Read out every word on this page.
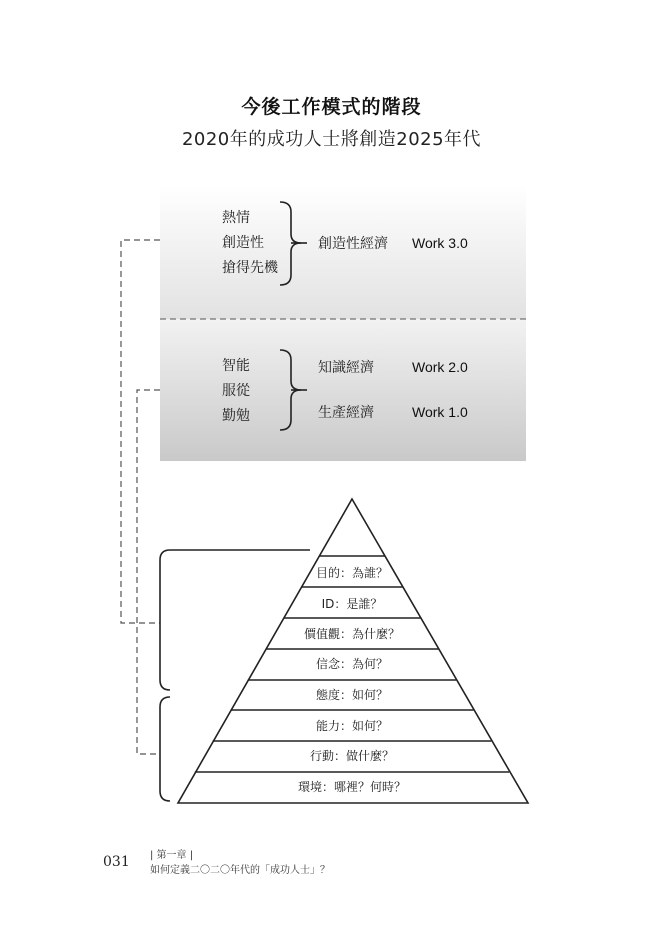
今後工作模式的階段
2020年的成功人士將創造2025年代
熱情
創造性
搶得先機
創造性經濟 Work 3.0
智能
服從
勤勉
知識經濟	Work 2.0
生產經濟	Work 1.0
目的：為誰？
ID：是誰？
價值觀：為什麼？
信念：為何？
態度：如何？
能力：如何？
行動：做什麼？
環境：哪裡？何時？
031 | 第一章 |
如何定義二〇二〇年代的「成功人士」？
